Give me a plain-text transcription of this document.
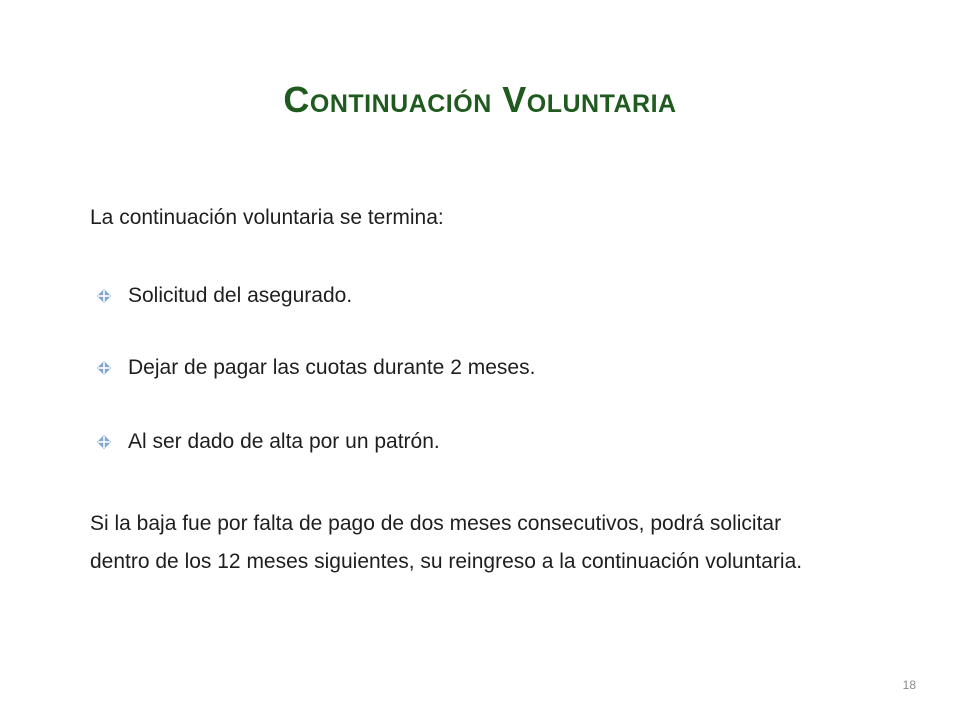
Continuación Voluntaria
La continuación voluntaria se termina:
Solicitud del asegurado.
Dejar de pagar las cuotas durante 2 meses.
Al ser dado de alta por un patrón.
Si la baja fue por falta de pago de dos meses consecutivos, podrá solicitar
dentro de los 12 meses siguientes, su reingreso a la continuación voluntaria.
18
